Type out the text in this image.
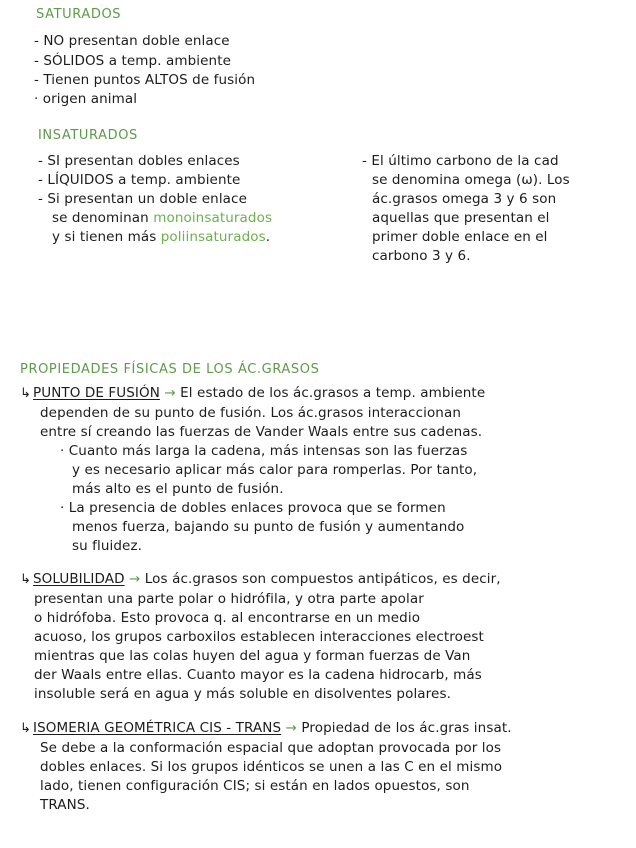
SATURADOS
- NO presentan doble enlace
- SÓLIDOS a temp. ambiente
- Tienen puntos ALTOS de fusión
· origen animal
INSATURADOS
- SI presentan dobles enlaces
- LÍQUIDOS a temp. ambiente
- Si presentan un doble enlace
se denominan monoinsaturados
y si tienen más poliinsaturados.
- El último carbono de la cad
se denomina omega (ω). Los
ác.grasos omega 3 y 6 son
aquellas que presentan el
primer doble enlace en el
carbono 3 y 6.
PROPIEDADES FÍSICAS DE LOS ÁC.GRASOS
↳ PUNTO DE FUSIÓN → El estado de los ác.grasos a temp. ambiente
dependen de su punto de fusión. Los ác.grasos interaccionan
entre sí creando las fuerzas de Vander Waals entre sus cadenas.
· Cuanto más larga la cadena, más intensas son las fuerzas
y es necesario aplicar más calor para romperlas. Por tanto,
más alto es el punto de fusión.
· La presencia de dobles enlaces provoca que se formen
menos fuerza, bajando su punto de fusión y aumentando
su fluidez.
↳ SOLUBILIDAD → Los ác.grasos son compuestos antipáticos, es decir,
presentan una parte polar o hidrófila, y otra parte apolar
o hidrófoba. Esto provoca q. al encontrarse en un medio
acuoso, los grupos carboxilos establecen interacciones electroest
mientras que las colas huyen del agua y forman fuerzas de Van
der Waals entre ellas. Cuanto mayor es la cadena hidrocarb, más
insoluble será en agua y más soluble en disolventes polares.
↳ ISOMERIA GEOMÉTRICA CIS - TRANS → Propiedad de los ác.gras insat.
Se debe a la conformación espacial que adoptan provocada por los
dobles enlaces. Si los grupos idénticos se unen a las C en el mismo
lado, tienen configuración CIS; si están en lados opuestos, son
TRANS.
